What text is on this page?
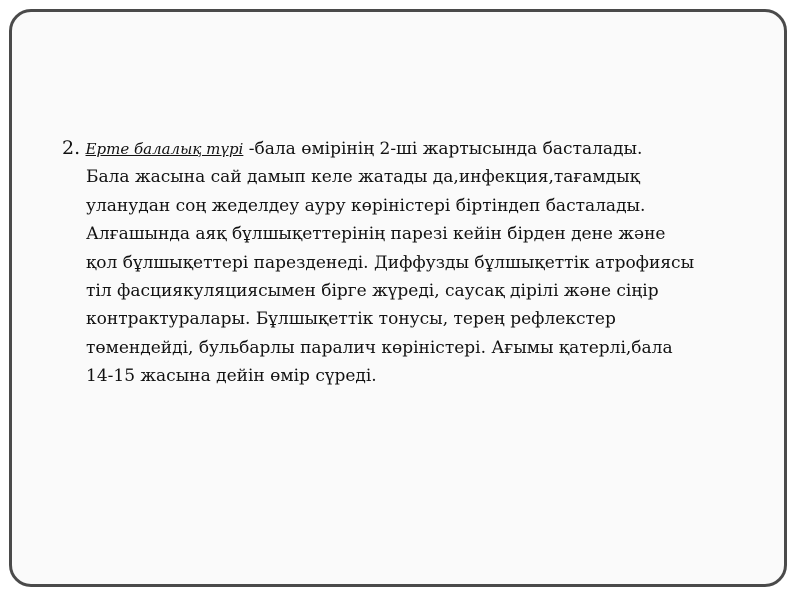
2. Ерте балалық түрі -бала өмірінің 2-ші жартысында басталады.
Бала жасына сай дамып келе жатады да,инфекция,тағамдық
уланудан соң жеделдеу ауру көріністері біртіндеп басталады.
Алғашында аяқ бұлшықеттерінің парезі кейін бірден дене және
қол бұлшықеттері парезденеді. Диффузды бұлшықеттік атрофиясы
тіл фасциякуляциясымен бірге жүреді, саусақ дірілі және сіңір
контрактуралары. Бұлшықеттік тонусы, терең рефлекстер
төмендейді, бульбарлы паралич көріністері. Ағымы қатерлі,бала
14-15 жасына дейін өмір сүреді.
